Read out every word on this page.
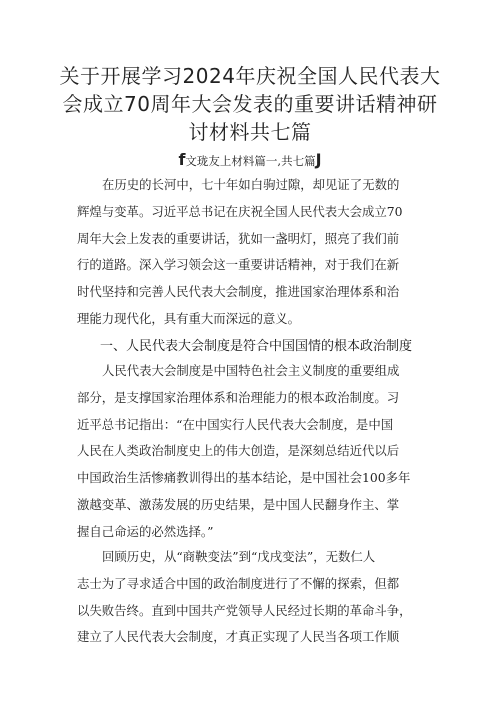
关于开展学习2024年庆祝全国人民代表大
会成立70周年大会发表的重要讲话精神研
讨材料共七篇
f文珑友上材料篇一,共七篇J
在历史的长河中，七十年如白驹过隙，却见证了无数的
辉煌与变革。习近平总书记在庆祝全国人民代表大会成立70
周年大会上发表的重要讲话，犹如一盏明灯，照亮了我们前
行的道路。深入学习领会这一重要讲话精神，对于我们在新
时代坚持和完善人民代表大会制度，推进国家治理体系和治
理能力现代化，具有重大而深远的意义。
一、人民代表大会制度是符合中国国情的根本政治制度
人民代表大会制度是中国特色社会主义制度的重要组成
部分，是支撑国家治理体系和治理能力的根本政治制度。习
近平总书记指出：“在中国实行人民代表大会制度，是中国
人民在人类政治制度史上的伟大创造，是深刻总结近代以后
中国政治生活惨痛教训得出的基本结论，是中国社会100多年
激越变革、激荡发展的历史结果，是中国人民翻身作主、掌
握自己命运的必然选择。”
回顾历史，从“商鞅变法”到“戊戌变法”，无数仁人
志士为了寻求适合中国的政治制度进行了不懈的探索，但都
以失败告终。直到中国共产党领导人民经过长期的革命斗争，
建立了人民代表大会制度，才真正实现了人民当各项工作顺
